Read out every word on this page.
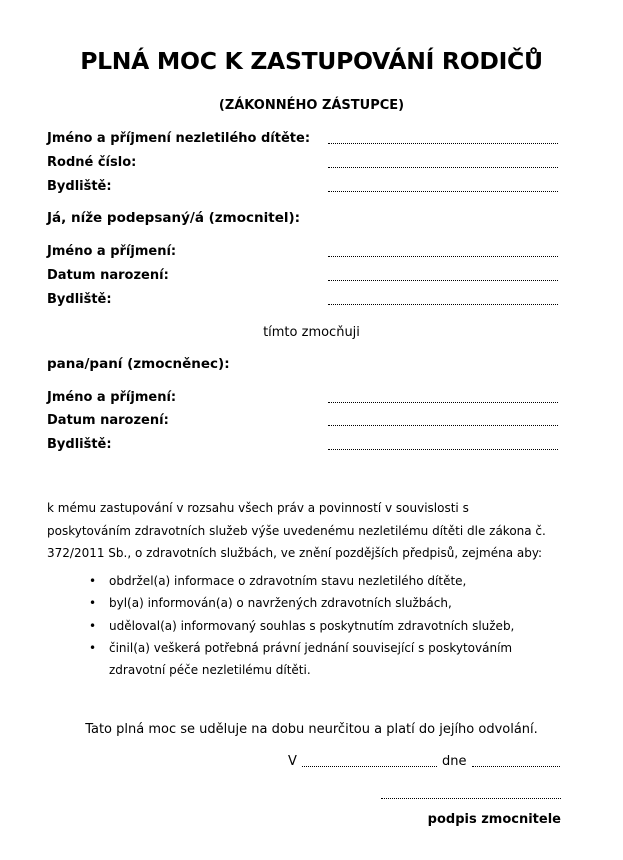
PLNÁ MOC K ZASTUPOVÁNÍ RODIČŮ
(ZÁKONNÉHO ZÁSTUPCE)
Jméno a příjmení nezletilého dítěte:
Rodné číslo:
Bydliště:
Já, níže podepsaný/á (zmocnitel):
Jméno a příjmení:
Datum narození:
Bydliště:
tímto zmocňuji
pana/paní (zmocněnec):
Jméno a příjmení:
Datum narození:
Bydliště:

k mému zastupování v rozsahu všech práv a povinností v souvislosti s

poskytováním zdravotních služeb výše uvedenému nezletilému dítěti dle zákona č.

372/2011 Sb., o zdravotních službách, ve znění pozdějších předpisů, zejména aby:

• obdržel(a) informace o zdravotním stavu nezletilého dítěte,
• byl(a) informován(a) o navržených zdravotních službách,
• uděloval(a) informovaný souhlas s poskytnutím zdravotních služeb,
• činil(a) veškerá potřebná právní jednání související s poskytováním
zdravotní péče nezletilému dítěti.
Tato plná moc se uděluje na dobu neurčitou a platí do jejího odvolání.
V	dne
podpis zmocnitele
